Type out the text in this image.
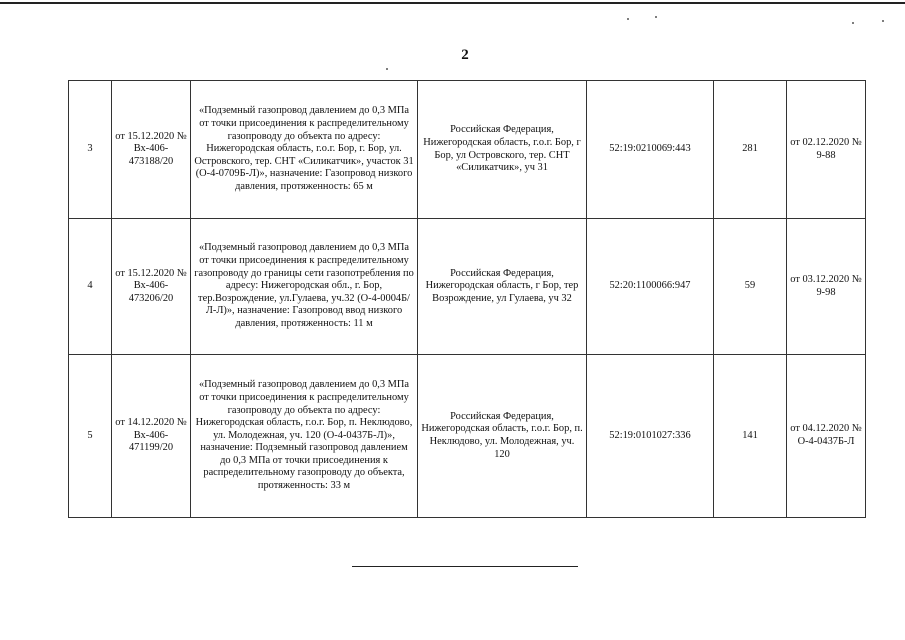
2
3	от 15.12.2020 № Вх-406-473188/20	«Подземный газопровод давлением до 0,3 МПа от точки присоединения к распределительному газопроводу до объекта по адресу: Нижегородская область, г.о.г. Бор, г. Бор, ул. Островского, тер. СНТ «Силикатчик», участок 31 (О-4-0709Б-Л)», назначение: Газопровод низкого давления, протяженность: 65 м	Российская Федерация, Нижегородская область, г.о.г. Бор, г Бор, ул Островского, тер. СНТ «Силикатчик», уч 31	52:19:0210069:443	281	от 02.12.2020 № 9-88
4	от 15.12.2020 № Вх-406-473206/20	«Подземный газопровод давлением до 0,3 МПа от точки присоединения к распределительному газопроводу до границы сети газопотребления по адресу: Нижегородская обл., г. Бор, тер.Возрождение, ул.Гулаева, уч.32 (О-4-0004Б/Л-Л)», назначение: Газопровод ввод низкого давления, протяженность: 11 м	Российская Федерация, Нижегородская область, г Бор, тер Возрождение, ул Гулаева, уч 32	52:20:1100066:947	59	от 03.12.2020 № 9-98
5	от 14.12.2020 № Вх-406-471199/20	«Подземный газопровод давлением до 0,3 МПа от точки присоединения к распределительному газопроводу до объекта по адресу: Нижегородская область, г.о.г. Бор, п. Неклюдово, ул. Молодежная, уч. 120 (О-4-0437Б-Л)», назначение: Подземный газопровод давлением до 0,3 МПа от точки присоединения к распределительному газопроводу до объекта, протяженность: 33 м	Российская Федерация, Нижегородская область, г.о.г. Бор, п. Неклюдово, ул. Молодежная, уч. 120	52:19:0101027:336	141	от 04.12.2020 № О-4-0437Б-Л
